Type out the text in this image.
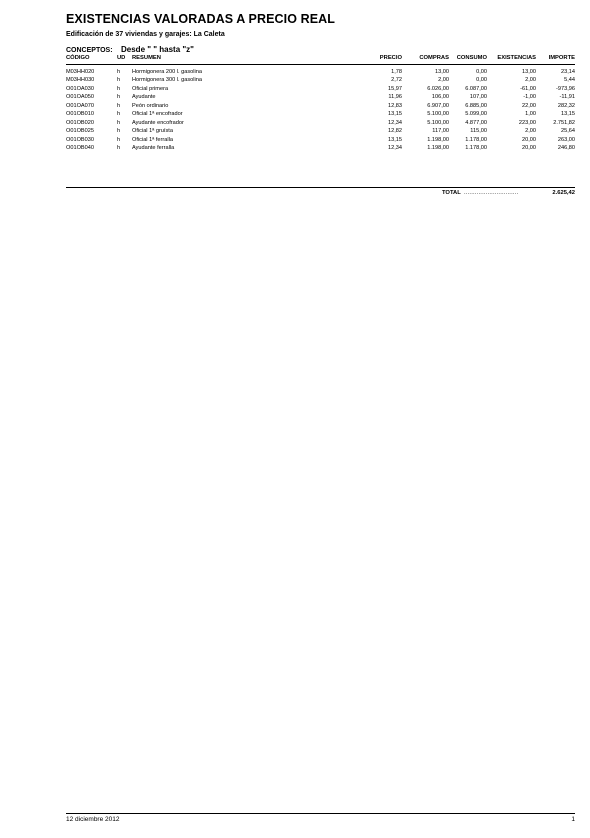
EXISTENCIAS VALORADAS A PRECIO REAL
Edificación de 37 viviendas y garajes: La Caleta
CONCEPTOS: Desde " " hasta "z"
CÓDIGO	UD RESUMEN	PRECIO	COMPRAS	CONSUMO	EXISTENCIAS	IMPORTE
M03HH020	h Hormigonera 200 l. gasolina	1,78	13,00	0,00	13,00	23,14
M03HH030	h Hormigonera 300 l. gasolina	2,72	2,00	0,00	2,00	5,44
O01OA030	h Oficial primera	15,97	6.026,00	6.087,00	-61,00	-973,96
O01OA050	h Ayudante	11,96	106,00	107,00	-1,00	-11,91
O01OA070	h Peón ordinario	12,83	6.907,00	6.885,00	22,00	282,32
O01OB010	h Oficial 1ª encofrador	13,15	5.100,00	5.099,00	1,00	13,15
O01OB020	h Ayudante encofrador	12,34	5.100,00	4.877,00	223,00	2.751,82
O01OB025	h Oficial 1ª gruísta	12,82	117,00	115,00	2,00	25,64
O01OB030	h Oficial 1ª ferralla	13,15	1.198,00	1.178,00	20,00	263,00
O01OB040	h Ayudante ferralla	12,34	1.198,00	1.178,00	20,00	246,80
TOTAL ..............................	2.625,42
12 diciembre 2012	1
